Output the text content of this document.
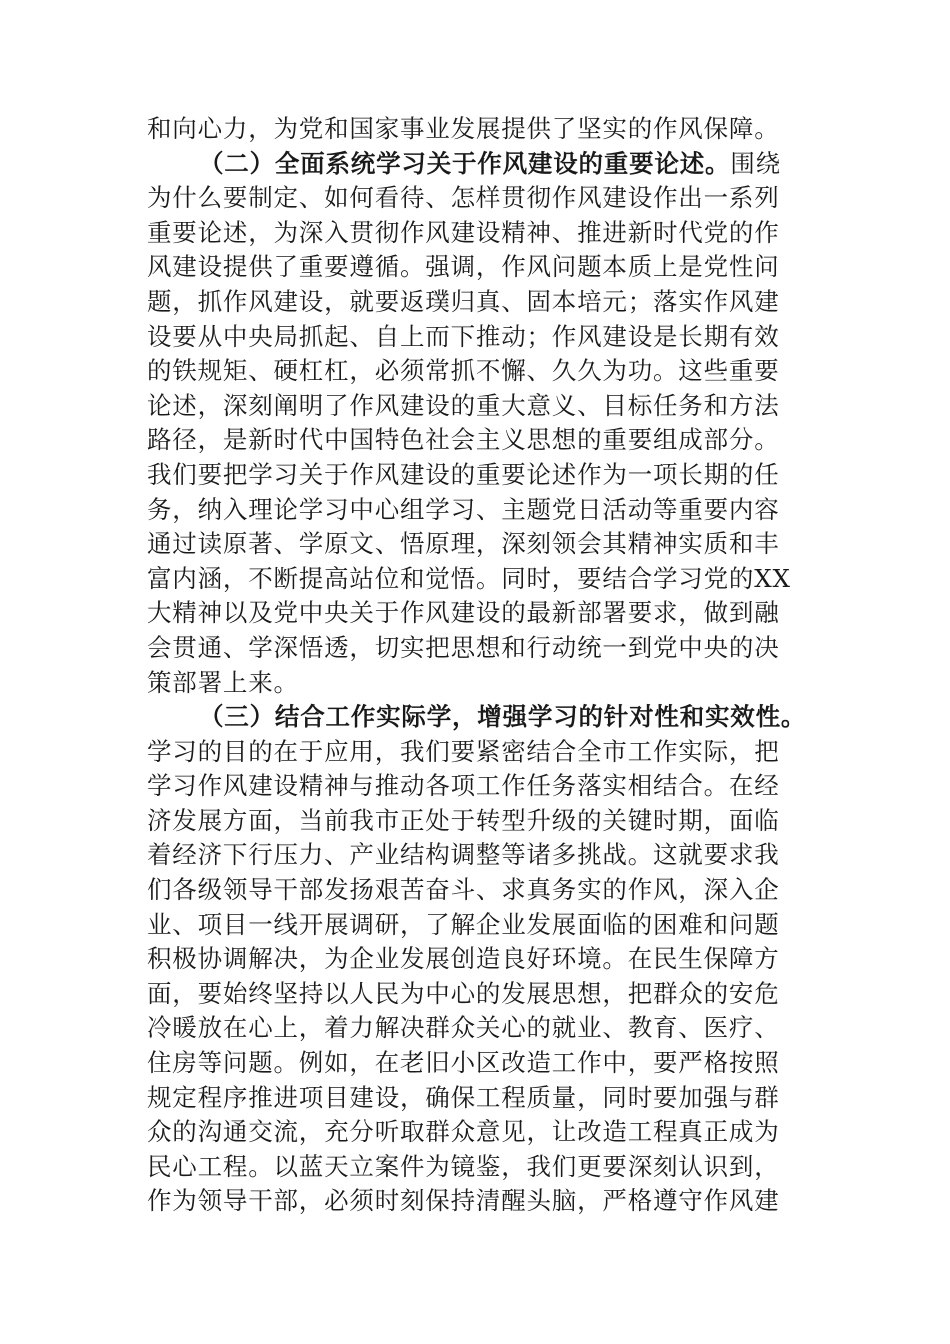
和向心力，为党和国家事业发展提供了坚实的作风保障。
（二）全面系统学习关于作风建设的重要论述。围绕
为什么要制定、如何看待、怎样贯彻作风建设作出一系列
重要论述，为深入贯彻作风建设精神、推进新时代党的作
风建设提供了重要遵循。强调，作风问题本质上是党性问
题，抓作风建设，就要返璞归真、固本培元；落实作风建
设要从中央局抓起、自上而下推动；作风建设是长期有效
的铁规矩、硬杠杠，必须常抓不懈、久久为功。这些重要
论述，深刻阐明了作风建设的重大意义、目标任务和方法
路径，是新时代中国特色社会主义思想的重要组成部分。
我们要把学习关于作风建设的重要论述作为一项长期的任
务，纳入理论学习中心组学习、主题党日活动等重要内容
通过读原著、学原文、悟原理，深刻领会其精神实质和丰
富内涵，不断提高站位和觉悟。同时，要结合学习党的XX
大精神以及党中央关于作风建设的最新部署要求，做到融
会贯通、学深悟透，切实把思想和行动统一到党中央的决
策部署上来。
（三）结合工作实际学，增强学习的针对性和实效性。
学习的目的在于应用，我们要紧密结合全市工作实际，把
学习作风建设精神与推动各项工作任务落实相结合。在经
济发展方面，当前我市正处于转型升级的关键时期，面临
着经济下行压力、产业结构调整等诸多挑战。这就要求我
们各级领导干部发扬艰苦奋斗、求真务实的作风，深入企
业、项目一线开展调研，了解企业发展面临的困难和问题
积极协调解决，为企业发展创造良好环境。在民生保障方
面，要始终坚持以人民为中心的发展思想，把群众的安危
冷暖放在心上，着力解决群众关心的就业、教育、医疗、
住房等问题。例如，在老旧小区改造工作中，要严格按照
规定程序推进项目建设，确保工程质量，同时要加强与群
众的沟通交流，充分听取群众意见，让改造工程真正成为
民心工程。以蓝天立案件为镜鉴，我们更要深刻认识到，
作为领导干部，必须时刻保持清醒头脑，严格遵守作风建
